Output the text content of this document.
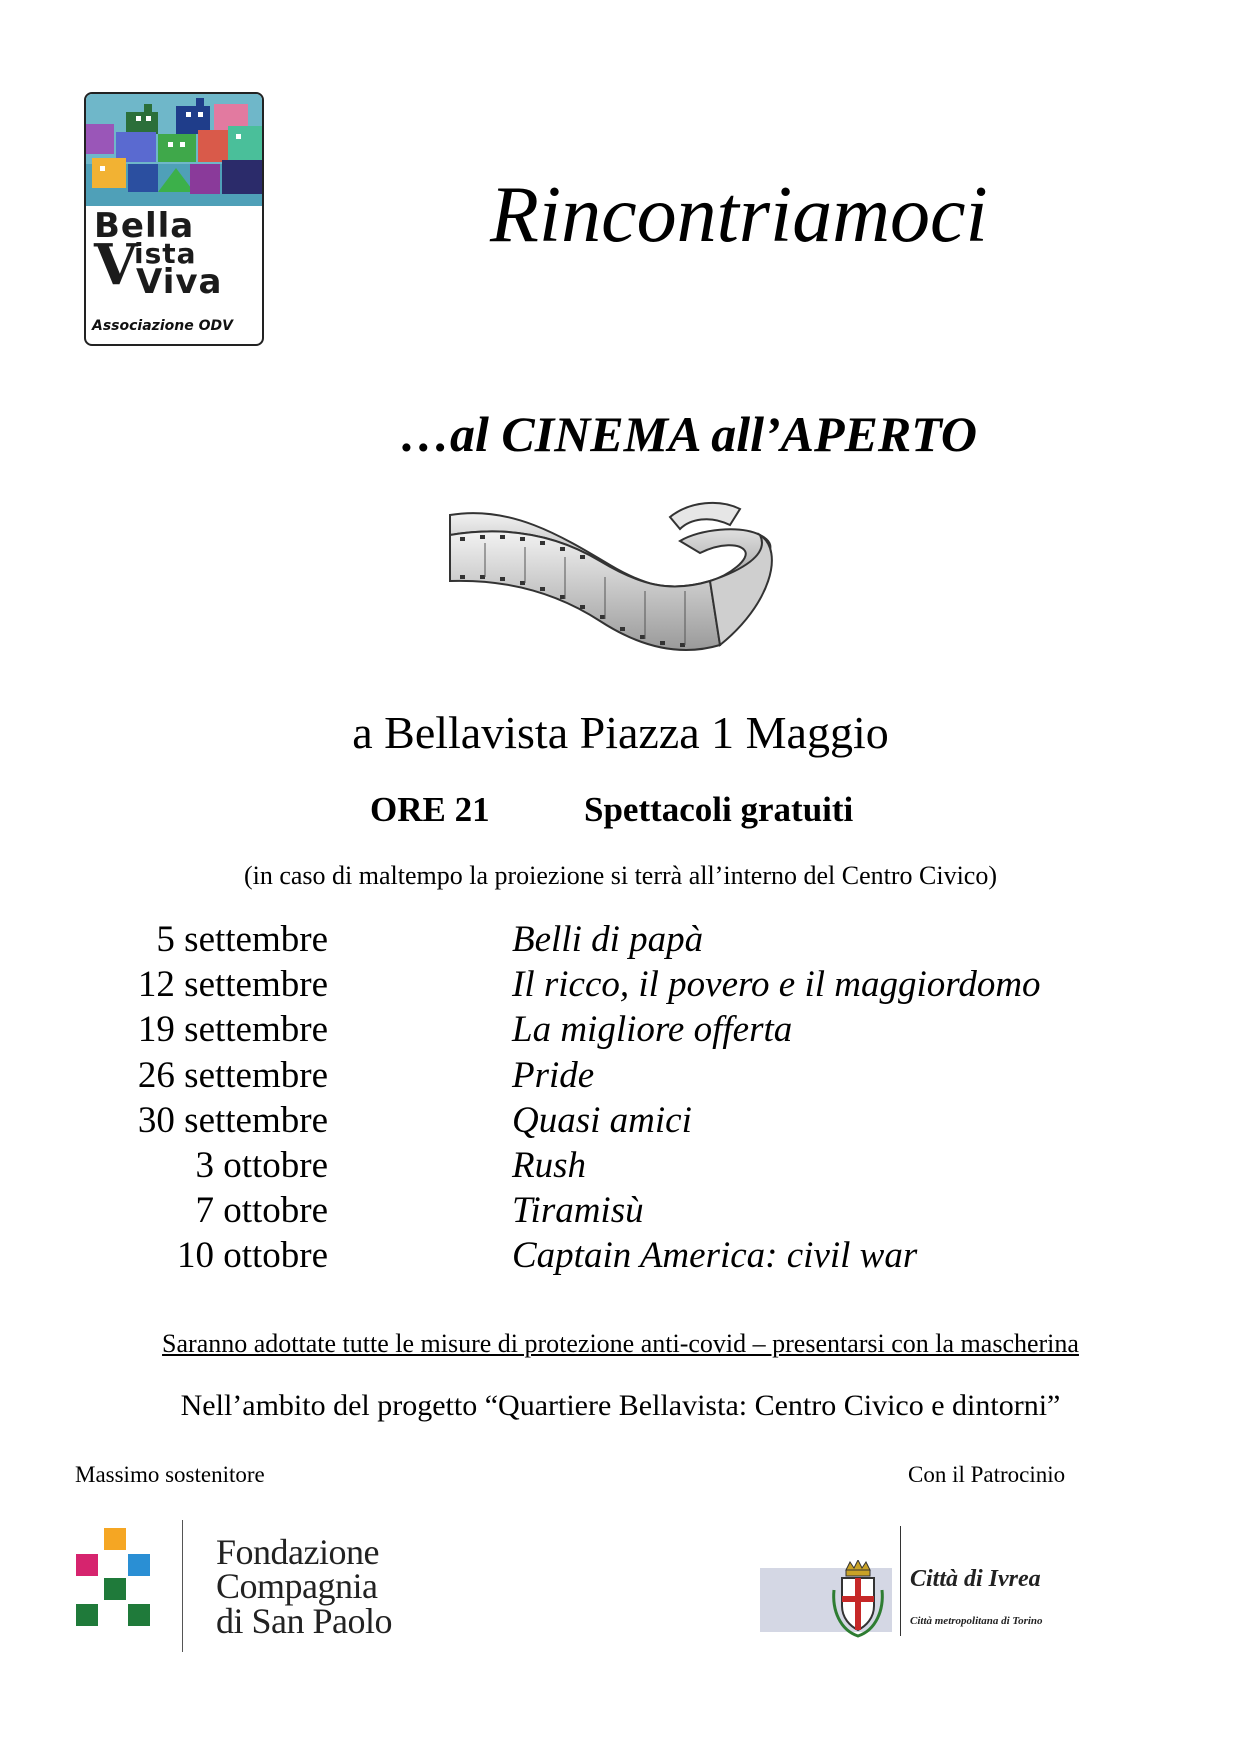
Bella
V
ista
Viva
Associazione ODV
Rincontriamoci
…al CINEMA all’APERTO
a Bellavista Piazza 1 Maggio
ORE 21	Spettacoli gratuiti
(in caso di maltempo la proiezione si terrà all’interno del Centro Civico)
5 settembre	Belli di papà
12 settembre	Il ricco, il povero e il maggiordomo
19 settembre	La migliore offerta
26 settembre	Pride
30 settembre	Quasi amici
3 ottobre	Rush
7 ottobre	Tiramisù
10 ottobre	Captain America: civil war
Saranno adottate tutte le misure di protezione anti-covid – presentarsi con la mascherina
Nell’ambito del progetto “Quartiere Bellavista: Centro Civico e dintorni”
Massimo sostenitore	Con il Patrocinio
Fondazione
Compagnia
di San Paolo
Città di Ivrea
Città metropolitana di Torino
